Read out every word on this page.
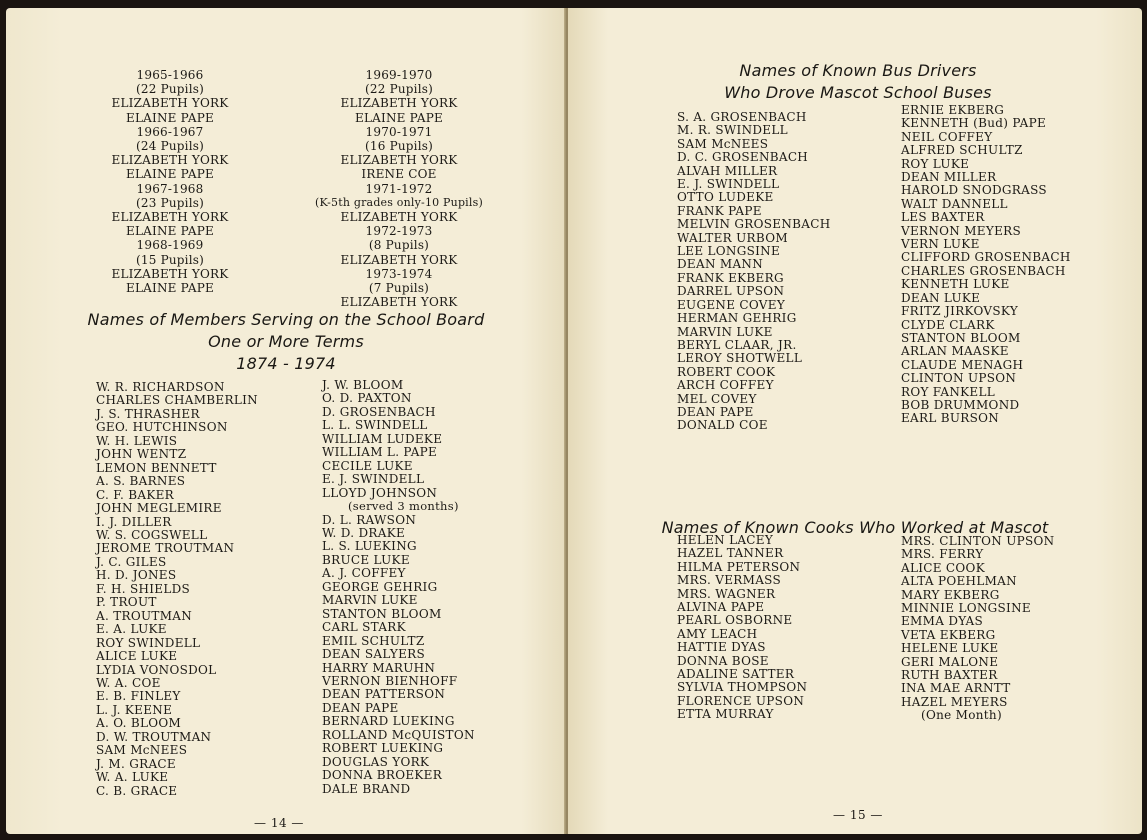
1965-1966
(22 Pupils)
ELIZABETH YORK
ELAINE PAPE
1966-1967
(24 Pupils)
ELIZABETH YORK
ELAINE PAPE
1967-1968
(23 Pupils)
ELIZABETH YORK
ELAINE PAPE
1968-1969
(15 Pupils)
ELIZABETH YORK
ELAINE PAPE
1969-1970
(22 Pupils)
ELIZABETH YORK
ELAINE PAPE
1970-1971
(16 Pupils)
ELIZABETH YORK
IRENE COE
1971-1972
(K-5th grades only-10 Pupils)
ELIZABETH YORK
1972-1973
(8 Pupils)
ELIZABETH YORK
1973-1974
(7 Pupils)
ELIZABETH YORK
Names of Members Serving on the School Board
One or More Terms
1874 - 1974
W. R. RICHARDSON
CHARLES CHAMBERLIN
J. S. THRASHER
GEO. HUTCHINSON
W. H. LEWIS
JOHN WENTZ
LEMON BENNETT
A. S. BARNES
C. F. BAKER
JOHN MEGLEMIRE
I. J. DILLER
W. S. COGSWELL
JEROME TROUTMAN
J. C. GILES
H. D. JONES
F. H. SHIELDS
P. TROUT
A. TROUTMAN
E. A. LUKE
ROY SWINDELL
ALICE LUKE
LYDIA VONOSDOL
W. A. COE
E. B. FINLEY
L. J. KEENE
A. O. BLOOM
D. W. TROUTMAN
SAM McNEES
J. M. GRACE
W. A. LUKE
C. B. GRACE
J. W. BLOOM
O. D. PAXTON
D. GROSENBACH
L. L. SWINDELL
WILLIAM LUDEKE
WILLIAM L. PAPE
CECILE LUKE
E. J. SWINDELL
LLOYD JOHNSON
(served 3 months)
D. L. RAWSON
W. D. DRAKE
L. S. LUEKING
BRUCE LUKE
A. J. COFFEY
GEORGE GEHRIG
MARVIN LUKE
STANTON BLOOM
CARL STARK
EMIL SCHULTZ
DEAN SALYERS
HARRY MARUHN
VERNON BIENHOFF
DEAN PATTERSON
DEAN PAPE
BERNARD LUEKING
ROLLAND McQUISTON
ROBERT LUEKING
DOUGLAS YORK
DONNA BROEKER
DALE BRAND
— 14 —
Names of Known Bus Drivers
Who Drove Mascot School Buses
S. A. GROSENBACH
M. R. SWINDELL
SAM McNEES
D. C. GROSENBACH
ALVAH MILLER
E. J. SWINDELL
OTTO LUDEKE
FRANK PAPE
MELVIN GROSENBACH
WALTER URBOM
LEE LONGSINE
DEAN MANN
FRANK EKBERG
DARREL UPSON
EUGENE COVEY
HERMAN GEHRIG
MARVIN LUKE
BERYL CLAAR, JR.
LEROY SHOTWELL
ROBERT COOK
ARCH COFFEY
MEL COVEY
DEAN PAPE
DONALD COE
ERNIE EKBERG
KENNETH (Bud) PAPE
NEIL COFFEY
ALFRED SCHULTZ
ROY LUKE
DEAN MILLER
HAROLD SNODGRASS
WALT DANNELL
LES BAXTER
VERNON MEYERS
VERN LUKE
CLIFFORD GROSENBACH
CHARLES GROSENBACH
KENNETH LUKE
DEAN LUKE
FRITZ JIRKOVSKY
CLYDE CLARK
STANTON BLOOM
ARLAN MAASKE
CLAUDE MENAGH
CLINTON UPSON
ROY FANKELL
BOB DRUMMOND
EARL BURSON
Names of Known Cooks Who Worked at Mascot
HELEN LACEY
HAZEL TANNER
HILMA PETERSON
MRS. VERMASS
MRS. WAGNER
ALVINA PAPE
PEARL OSBORNE
AMY LEACH
HATTIE DYAS
DONNA BOSE
ADALINE SATTER
SYLVIA THOMPSON
FLORENCE UPSON
ETTA MURRAY
MRS. CLINTON UPSON
MRS. FERRY
ALICE COOK
ALTA POEHLMAN
MARY EKBERG
MINNIE LONGSINE
EMMA DYAS
VETA EKBERG
HELENE LUKE
GERI MALONE
RUTH BAXTER
INA MAE ARNTT
HAZEL MEYERS
(One Month)
— 15 —
